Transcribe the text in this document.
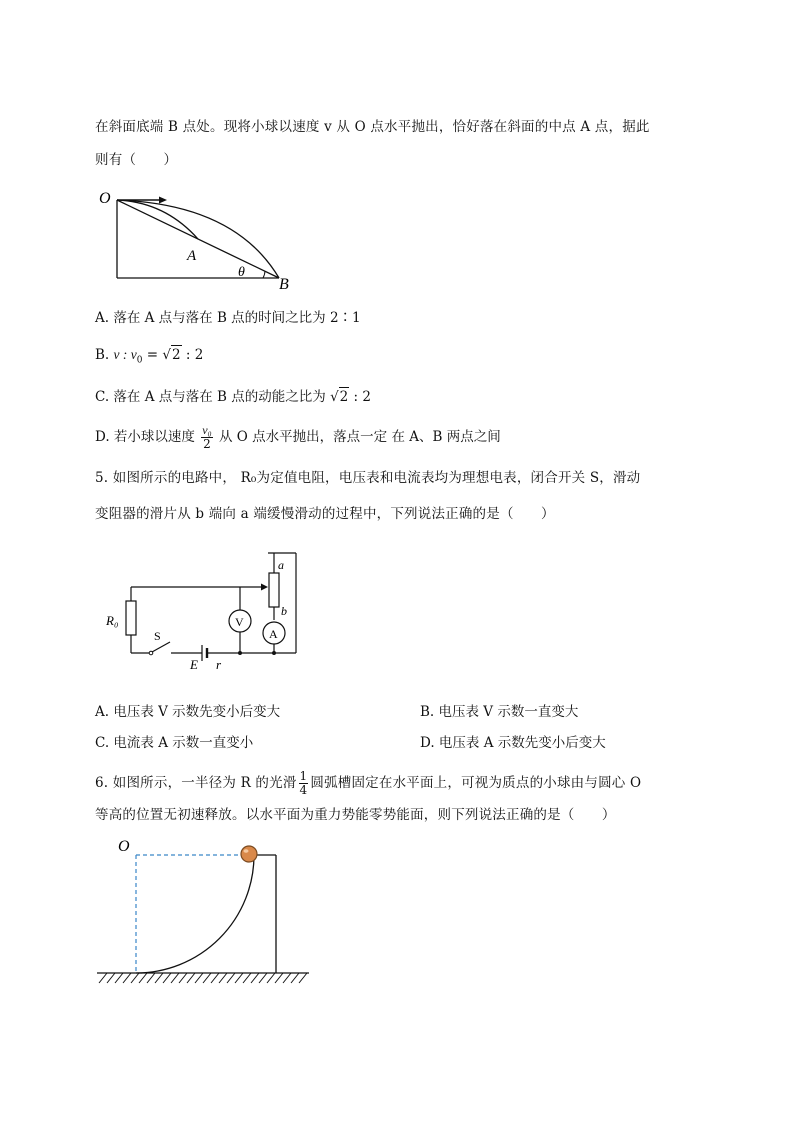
在斜面底端 B 点处。现将小球以速度 v 从 O 点水平抛出，恰好落在斜面的中点 A 点，据此
则有（　　）
O
A
θ
B
A. 落在 A 点与落在 B 点的时间之比为 2∶1
B. v : $v_0$ = √ 2 : 2
C. 落在 A 点与落在 B 点的动能之比为 √ 2 : 2
D. 若小球以速度 $\frac{\text{v₀}}{2}$ 从 O 点水平抛出，落点一定 在 A、B 两点之间
5. 如图所示的电路中， R₀为定值电阻，电压表和电流表均为理想电表，闭合开关 S，滑动
变阻器的滑片从 b 端向 a 端缓慢滑动的过程中，下列说法正确的是（　　）
R₀
S
E r
V
A
a
b
A. 电压表 V 示数先变小后变大	B. 电压表 V 示数一直变大
C. 电流表 A 示数一直变小	D. 电压表 A 示数先变小后变大
6. 如图所示，一半径为 R 的光滑 $\frac{1}{4}$ 圆弧槽固定在水平面上，可视为质点的小球由与圆心 O
等高的位置无初速释放。以水平面为重力势能零势能面，则下列说法正确的是（　　）
O
